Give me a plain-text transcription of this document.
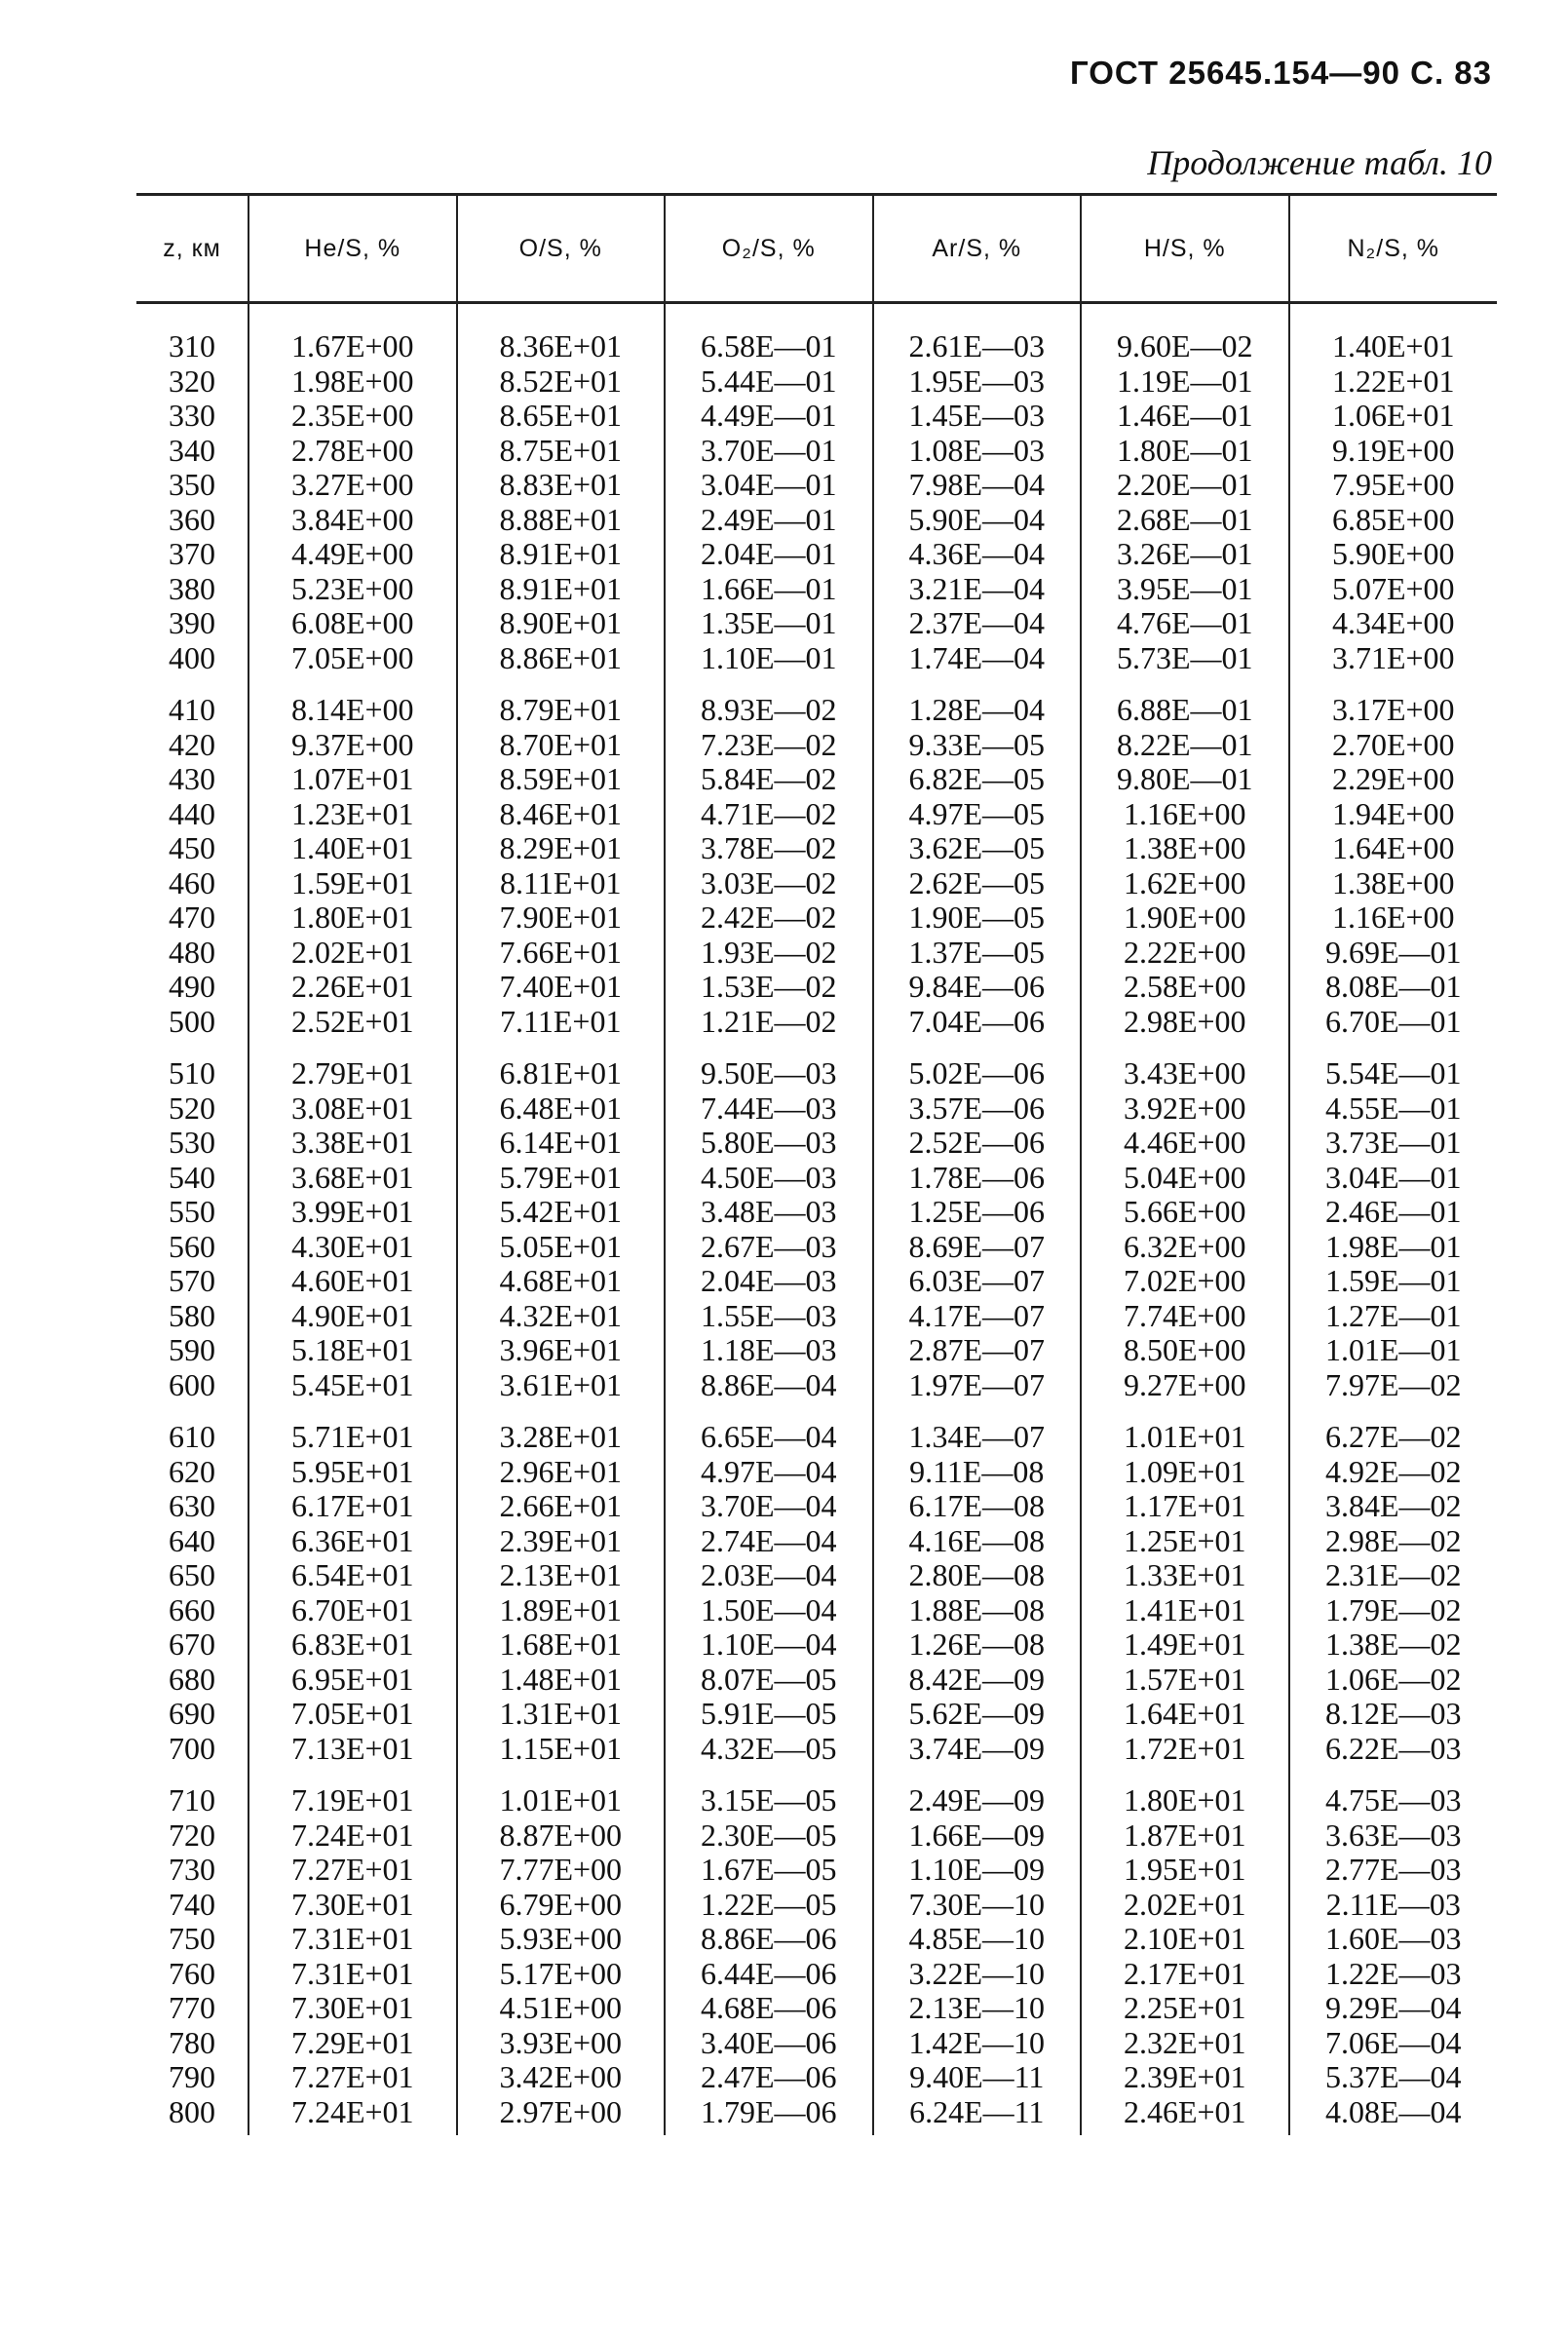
ГОСТ 25645.154—90 С. 83
Продолжение табл. 10
z, км	He/S, %	O/S, %	O₂/S, %	Ar/S, %	H/S, %	N₂/S, %
310	1.67E+00	8.36E+01	6.58E—01	2.61E—03	9.60E—02	1.40E+01
320	1.98E+00	8.52E+01	5.44E—01	1.95E—03	1.19E—01	1.22E+01
330	2.35E+00	8.65E+01	4.49E—01	1.45E—03	1.46E—01	1.06E+01
340	2.78E+00	8.75E+01	3.70E—01	1.08E—03	1.80E—01	9.19E+00
350	3.27E+00	8.83E+01	3.04E—01	7.98E—04	2.20E—01	7.95E+00
360	3.84E+00	8.88E+01	2.49E—01	5.90E—04	2.68E—01	6.85E+00
370	4.49E+00	8.91E+01	2.04E—01	4.36E—04	3.26E—01	5.90E+00
380	5.23E+00	8.91E+01	1.66E—01	3.21E—04	3.95E—01	5.07E+00
390	6.08E+00	8.90E+01	1.35E—01	2.37E—04	4.76E—01	4.34E+00
400	7.05E+00	8.86E+01	1.10E—01	1.74E—04	5.73E—01	3.71E+00
410	8.14E+00	8.79E+01	8.93E—02	1.28E—04	6.88E—01	3.17E+00
420	9.37E+00	8.70E+01	7.23E—02	9.33E—05	8.22E—01	2.70E+00
430	1.07E+01	8.59E+01	5.84E—02	6.82E—05	9.80E—01	2.29E+00
440	1.23E+01	8.46E+01	4.71E—02	4.97E—05	1.16E+00	1.94E+00
450	1.40E+01	8.29E+01	3.78E—02	3.62E—05	1.38E+00	1.64E+00
460	1.59E+01	8.11E+01	3.03E—02	2.62E—05	1.62E+00	1.38E+00
470	1.80E+01	7.90E+01	2.42E—02	1.90E—05	1.90E+00	1.16E+00
480	2.02E+01	7.66E+01	1.93E—02	1.37E—05	2.22E+00	9.69E—01
490	2.26E+01	7.40E+01	1.53E—02	9.84E—06	2.58E+00	8.08E—01
500	2.52E+01	7.11E+01	1.21E—02	7.04E—06	2.98E+00	6.70E—01
510	2.79E+01	6.81E+01	9.50E—03	5.02E—06	3.43E+00	5.54E—01
520	3.08E+01	6.48E+01	7.44E—03	3.57E—06	3.92E+00	4.55E—01
530	3.38E+01	6.14E+01	5.80E—03	2.52E—06	4.46E+00	3.73E—01
540	3.68E+01	5.79E+01	4.50E—03	1.78E—06	5.04E+00	3.04E—01
550	3.99E+01	5.42E+01	3.48E—03	1.25E—06	5.66E+00	2.46E—01
560	4.30E+01	5.05E+01	2.67E—03	8.69E—07	6.32E+00	1.98E—01
570	4.60E+01	4.68E+01	2.04E—03	6.03E—07	7.02E+00	1.59E—01
580	4.90E+01	4.32E+01	1.55E—03	4.17E—07	7.74E+00	1.27E—01
590	5.18E+01	3.96E+01	1.18E—03	2.87E—07	8.50E+00	1.01E—01
600	5.45E+01	3.61E+01	8.86E—04	1.97E—07	9.27E+00	7.97E—02
610	5.71E+01	3.28E+01	6.65E—04	1.34E—07	1.01E+01	6.27E—02
620	5.95E+01	2.96E+01	4.97E—04	9.11E—08	1.09E+01	4.92E—02
630	6.17E+01	2.66E+01	3.70E—04	6.17E—08	1.17E+01	3.84E—02
640	6.36E+01	2.39E+01	2.74E—04	4.16E—08	1.25E+01	2.98E—02
650	6.54E+01	2.13E+01	2.03E—04	2.80E—08	1.33E+01	2.31E—02
660	6.70E+01	1.89E+01	1.50E—04	1.88E—08	1.41E+01	1.79E—02
670	6.83E+01	1.68E+01	1.10E—04	1.26E—08	1.49E+01	1.38E—02
680	6.95E+01	1.48E+01	8.07E—05	8.42E—09	1.57E+01	1.06E—02
690	7.05E+01	1.31E+01	5.91E—05	5.62E—09	1.64E+01	8.12E—03
700	7.13E+01	1.15E+01	4.32E—05	3.74E—09	1.72E+01	6.22E—03
710	7.19E+01	1.01E+01	3.15E—05	2.49E—09	1.80E+01	4.75E—03
720	7.24E+01	8.87E+00	2.30E—05	1.66E—09	1.87E+01	3.63E—03
730	7.27E+01	7.77E+00	1.67E—05	1.10E—09	1.95E+01	2.77E—03
740	7.30E+01	6.79E+00	1.22E—05	7.30E—10	2.02E+01	2.11E—03
750	7.31E+01	5.93E+00	8.86E—06	4.85E—10	2.10E+01	1.60E—03
760	7.31E+01	5.17E+00	6.44E—06	3.22E—10	2.17E+01	1.22E—03
770	7.30E+01	4.51E+00	4.68E—06	2.13E—10	2.25E+01	9.29E—04
780	7.29E+01	3.93E+00	3.40E—06	1.42E—10	2.32E+01	7.06E—04
790	7.27E+01	3.42E+00	2.47E—06	9.40E—11	2.39E+01	5.37E—04
800	7.24E+01	2.97E+00	1.79E—06	6.24E—11	2.46E+01	4.08E—04
